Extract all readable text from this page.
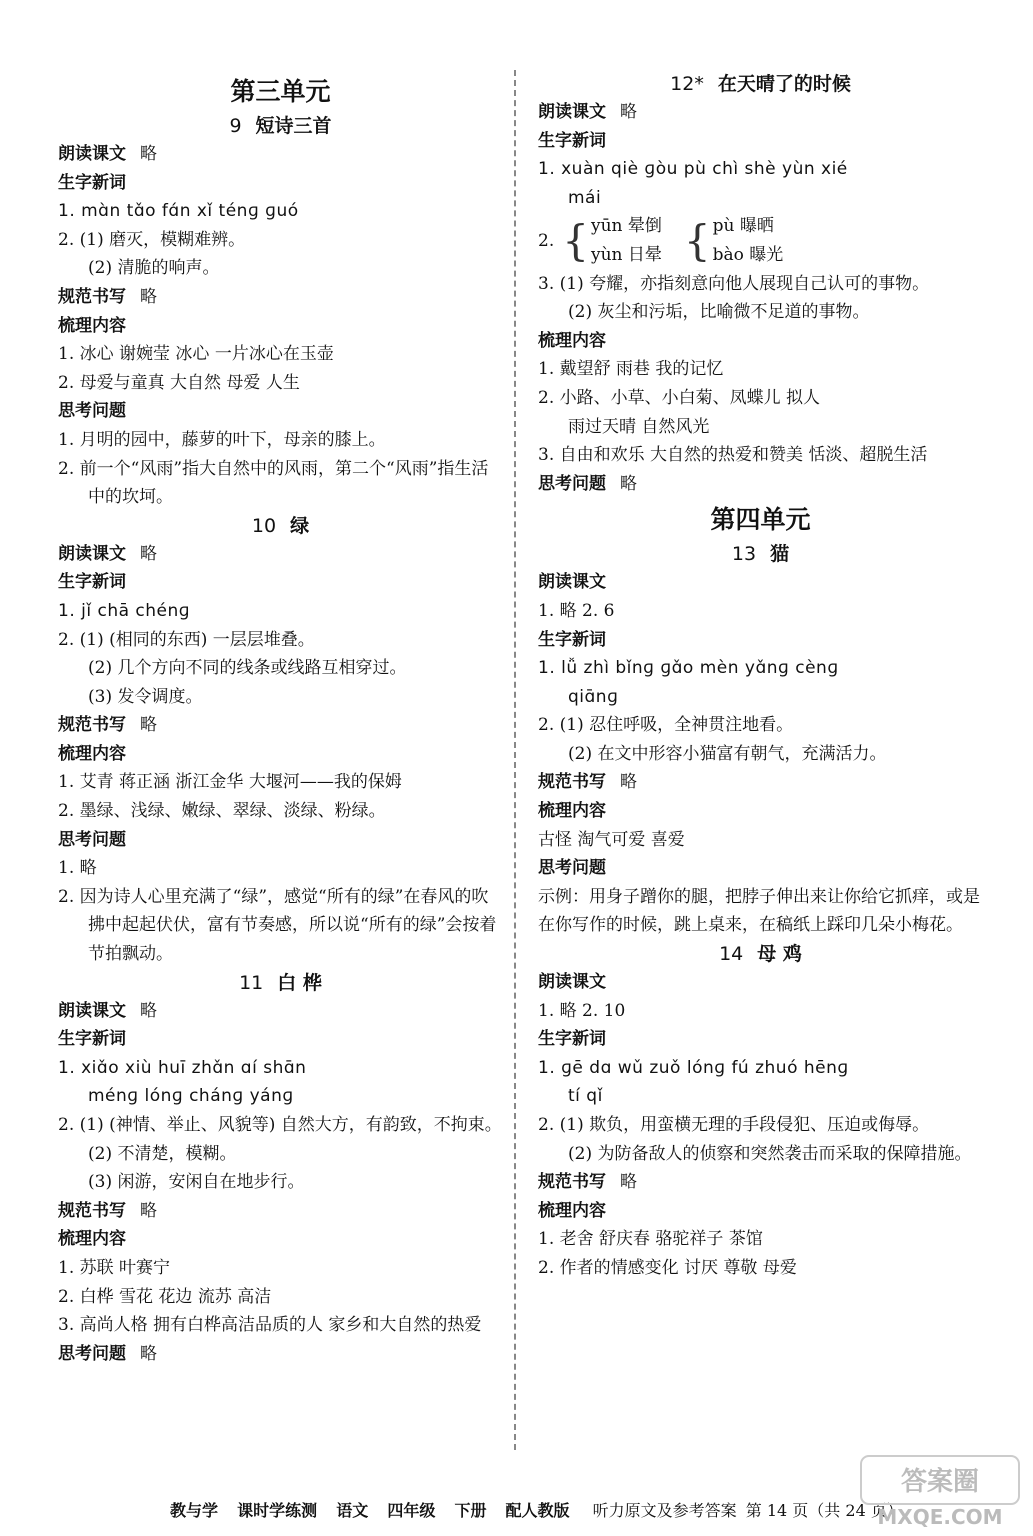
第三单元
9 短诗三首
朗读课文 略
生字新词
1. mɑ̀n tɑ̌o fɑ́n xǐ ténɡ ɡuó
2. (1) 磨灭，模糊难辨。
(2) 清脆的响声。
规范书写 略
梳理内容
1. 冰心 谢婉莹 冰心 一片冰心在玉壶
2. 母爱与童真 大自然 母爱 人生
思考问题
1. 月明的园中，藤萝的叶下，母亲的膝上。
2. 前一个“风雨”指大自然中的风雨，第二个“风雨”指生活中的坎坷。
10 绿
朗读课文 略
生字新词
1. jǐ chā chénɡ
2. (1) (相同的东西) 一层层堆叠。
(2) 几个方向不同的线条或线路互相穿过。
(3) 发令调度。
规范书写 略
梳理内容
1. 艾青 蒋正涵 浙江金华 大堰河——我的保姆
2. 墨绿、浅绿、嫩绿、翠绿、淡绿、粉绿。
思考问题
1. 略
2. 因为诗人心里充满了“绿”，感觉“所有的绿”在春风的吹拂中起起伏伏，富有节奏感，所以说“所有的绿”会按着节拍飘动。
11 白 桦
朗读课文 略
生字新词
1. xiɑ̌o xiù huī zhɑ̌n ɑí shɑ̄n
ménɡ lónɡ chánɡ yánɡ
2. (1) (神情、举止、风貌等) 自然大方，有韵致，不拘束。
(2) 不清楚，模糊。
(3) 闲游，安闲自在地步行。
规范书写 略
梳理内容
1. 苏联 叶赛宁
2. 白桦 雪花 花边 流苏 高洁
3. 高尚人格 拥有白桦高洁品质的人 家乡和大自然的热爱
思考问题 略
12* 在天晴了的时候
朗读课文 略
生字新词
1. xuàn qiè ɡòu pù chì shè yùn xié
mái
2. { yūn 晕倒
yùn 日晕 { pù 曝晒
bào 曝光
3. (1) 夸耀，亦指刻意向他人展现自己认可的事物。
(2) 灰尘和污垢，比喻微不足道的事物。
梳理内容
1. 戴望舒 雨巷 我的记忆
2. 小路、小草、小白菊、凤蝶儿 拟人
雨过天晴 自然风光
3. 自由和欢乐 大自然的热爱和赞美 恬淡、超脱生活
思考问题 略
第四单元
13 猫
朗读课文
1. 略 2. 6
生字新词
1. lǚ zhì bǐnɡ ɡɑ̌o mèn yɑ̌nɡ cènɡ
qiɑ̄nɡ
2. (1) 忍住呼吸，全神贯注地看。
(2) 在文中形容小猫富有朝气，充满活力。
规范书写 略
梳理内容
古怪 淘气可爱 喜爱
思考问题
示例：用身子蹭你的腿，把脖子伸出来让你给它抓痒，或是在你写作的时候，跳上桌来，在稿纸上踩印几朵小梅花。
14 母 鸡
朗读课文
1. 略 2. 10
生字新词
1. ɡē dɑ wǔ zuǒ lónɡ fú zhuó hēnɡ
tí qǐ
2. (1) 欺负，用蛮横无理的手段侵犯、压迫或侮辱。
(2) 为防备敌人的侦察和突然袭击而采取的保障措施。
规范书写 略
梳理内容
1. 老舍 舒庆春 骆驼祥子 茶馆
2. 作者的情感变化 讨厌 尊敬 母爱
教与学 课时学练测 语文 四年级 下册 配人教版 听力原文及参考答案 第 14 页（共 24 页）
答案圈
MXQE.COM
